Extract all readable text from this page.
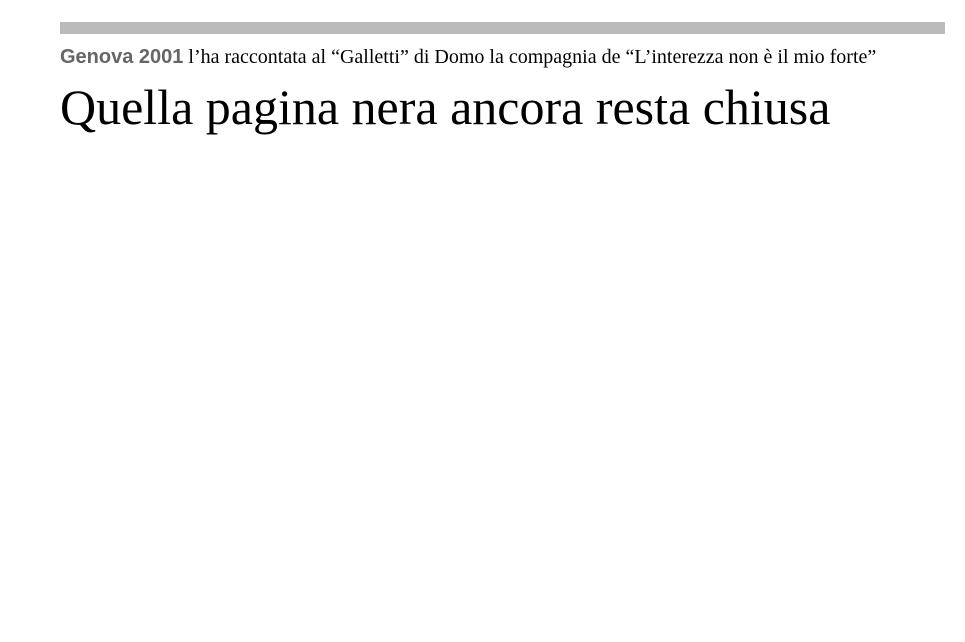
Genova 2001 l’ha raccontata al “Galletti” di Domo la compagnia de “L’interezza non è il mio forte”
Quella pagina nera ancora resta chiusa
